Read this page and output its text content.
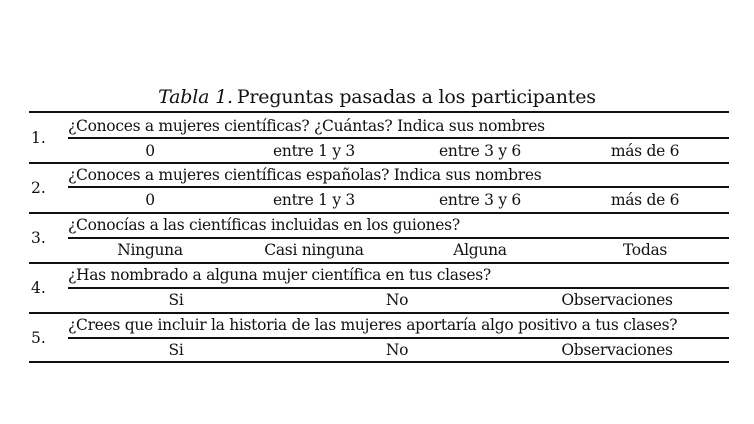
Tabla 1. Preguntas pasadas a los participantes
1.
¿Conoces a mujeres científicas? ¿Cuántas? Indica sus nombres
0	entre 1 y 3	entre 3 y 6	más de 6
2.
¿Conoces a mujeres científicas españolas? Indica sus nombres
0	entre 1 y 3	entre 3 y 6	más de 6
3.
¿Conocías a las científicas incluidas en los guiones?
Ninguna	Casi ninguna	Alguna	Todas
4.
¿Has nombrado a alguna mujer científica en tus clases?
Si	No	Observaciones
5.
¿Crees que incluir la historia de las mujeres aportaría algo positivo a tus clases?
Si	No	Observaciones
